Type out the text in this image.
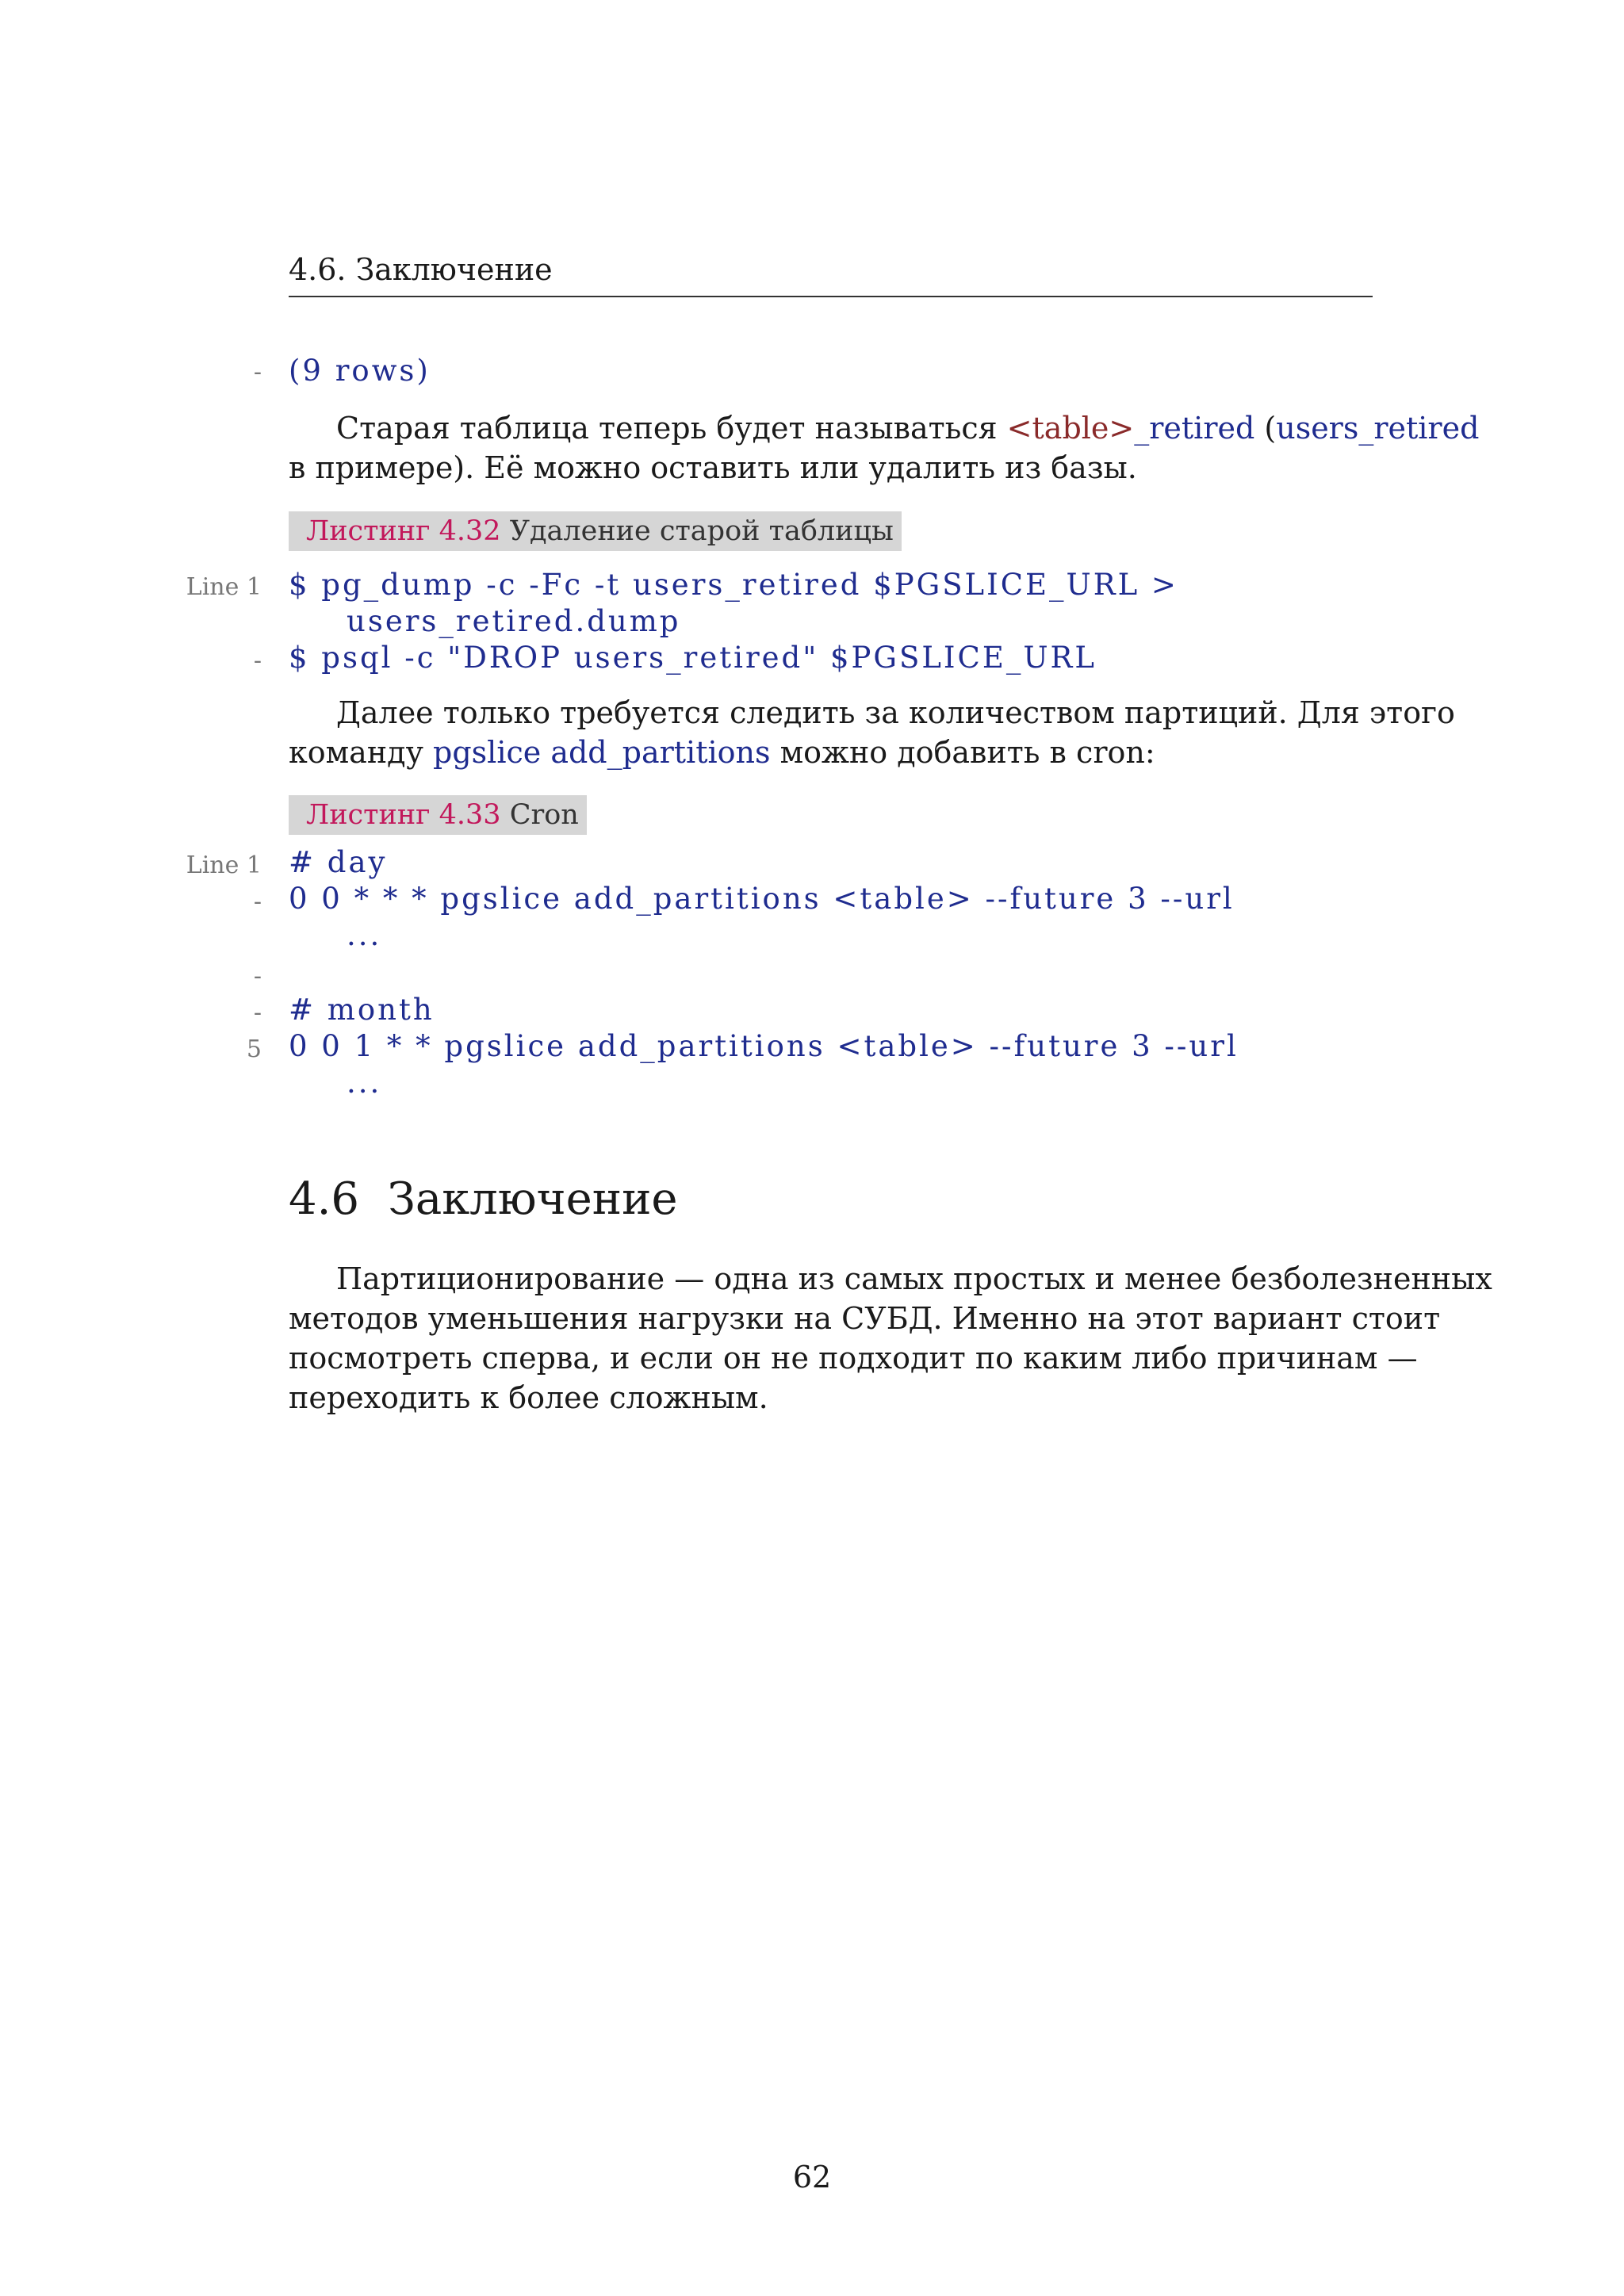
4.6. Заключение
- (9 rows)
Старая таблица теперь будет называться <table>_retired (users_retired
в примере). Её можно оставить или удалить из базы.
Листинг 4.32 Удаление старой таблицы
Line 1 $ pg_dump -c -Fc -t users_retired $PGSLICE_URL >
users_retired.dump
- $ psql -c "DROP users_retired" $PGSLICE_URL
Далее только требуется следить за количеством партиций. Для этого
команду pgslice add_partitions можно добавить в cron:
Листинг 4.33 Cron
Line 1 # day
- 0 0 * * * pgslice add_partitions <table> --future 3 --url
...
-
- # month
5 0 0 1 * * pgslice add_partitions <table> --future 3 --url
...
4.6 Заключение
Партиционирование — одна из самых простых и менее безболезненных
методов уменьшения нагрузки на СУБД. Именно на этот вариант стоит
посмотреть сперва, и если он не подходит по каким либо причинам —
переходить к более сложным.
62
